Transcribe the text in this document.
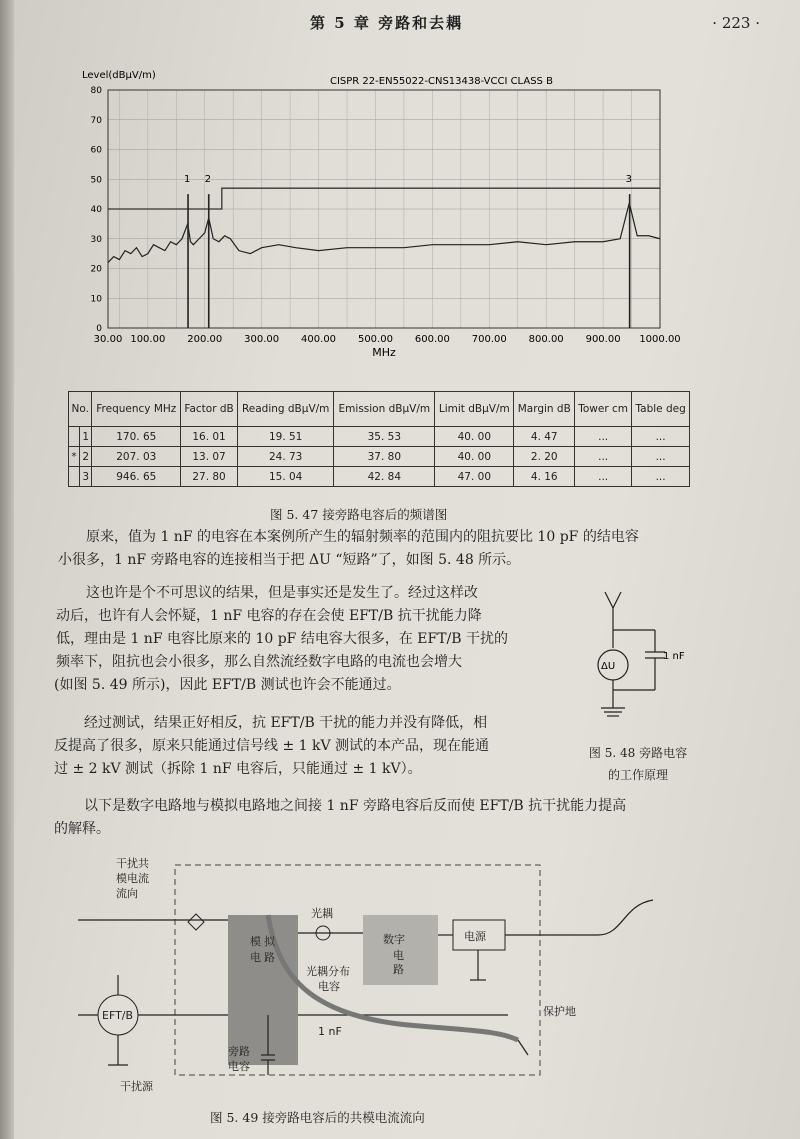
第 5 章 旁路和去耦	· 223 ·
0
10
20
30
40
50
60
70
80
30.00 100.00 200.00 300.00 400.00 500.00 600.00 700.00 800.00 900.00 1000.00
CISPR 22-EN55022-CNS13438-VCCI CLASS B
Level(dBμV/m)
MHz
1 2	3
No.		Frequency MHz	Factor dB	Reading dBμV/m	Emission dBμV/m	Limit dBμV/m	Margin dB	Tower cm	Table deg
	1	170. 65	16. 01	19. 51	35. 53	40. 00	4. 47	...	...
*	2	207. 03	13. 07	24. 73	37. 80	40. 00	2. 20	...	...
	3	946. 65	27. 80	15. 04	42. 84	47. 00	4. 16	...	...
图 5. 47 接旁路电容后的频谱图
原来，值为 1 nF 的电容在本案例所产生的辐射频率的范围内的阻抗要比 10 pF 的结电容
小很多，1 nF 旁路电容的连接相当于把 ΔU “短路”了，如图 5. 48 所示。
这也许是个不可思议的结果，但是事实还是发生了。经过这样改
动后，也许有人会怀疑，1 nF 电容的存在会使 EFT/B 抗干扰能力降
低，理由是 1 nF 电容比原来的 10 pF 结电容大很多，在 EFT/B 干扰的
频率下，阻抗也会小很多，那么自然流经数字电路的电流也会增大
(如图 5. 49 所示)，因此 EFT/B 测试也许会不能通过。
经过测试，结果正好相反，抗 EFT/B 干扰的能力并没有降低，相
反提高了很多，原来只能通过信号线 ± 1 kV 测试的本产品，现在能通
过 ± 2 kV 测试（拆除 1 nF 电容后，只能通过 ± 1 kV）。
以下是数字电路地与模拟电路地之间接 1 nF 旁路电容后反而使 EFT/B 抗干扰能力提高
的解释。
ΔU
1 nF
图 5. 48 旁路电容
的工作原理
干扰共
模电流
流向
EFT/B
干扰源
模 拟
电 路
光耦
光耦分布
电容
数字
电
路
电源
1 nF
旁路
电容
保护地
图 5. 49 接旁路电容后的共模电流流向
